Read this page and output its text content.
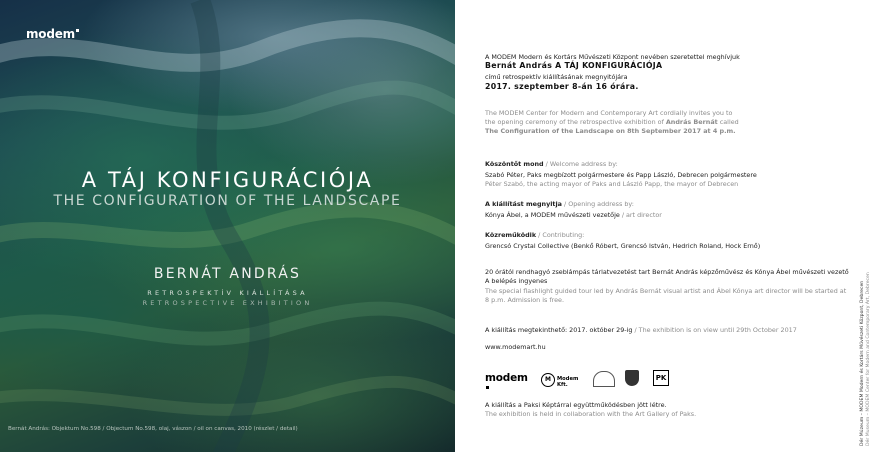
modem
A TÁJ KONFIGURÁCIÓJA
THE CONFIGURATION OF THE LANDSCAPE
BERNÁT ANDRÁS
RETROSPEKTÍV KIÁLLÍTÁSA
RETROSPECTIVE EXHIBITION
Bernát András: Objektum No.598 / Objectum No.598, olaj, vászon / oil on canvas, 2010 (részlet / detail)
A MODEM Modern és Kortárs Művészeti Központ nevében szeretettel meghívjuk
Bernát András A TÁJ KONFIGURÁCIÓJA
című retrospektív kiállításának megnyitójára
2017. szeptember 8-án 16 órára.
The MODEM Center for Modern and Contemporary Art cordially invites you to
the opening ceremony of the retrospective exhibition of András Bernát called
The Configuration of the Landscape on 8th September 2017 at 4 p.m.
Köszöntőt mond / Welcome address by:
Szabó Péter, Paks megbízott polgármestere és Papp László, Debrecen polgármestere
Péter Szabó, the acting mayor of Paks and László Papp, the mayor of Debrecen
A kiállítást megnyitja / Opening address by:
Kónya Ábel, a MODEM művészeti vezetője / art director
Közreműködik / Contributing:
Grencsó Crystal Collective (Benkő Róbert, Grencsó István, Hedrich Roland, Hock Ernő)
20 órától rendhagyó zseblámpás tárlatvezetést tart Bernát András képzőművész és Kónya Ábel művészeti vezető
A belépés ingyenes
The special flashlight guided tour led by András Bernát visual artist and Ábel Kónya art director will be started at
8 p.m. Admission is free.
A kiállítás megtekinthető: 2017. október 29-ig / The exhibition is on view until 29th October 2017
www.modemart.hu
modem	M	Modem Kft.
PK
A kiállítás a Paksi Képtárral együttműködésben jött létre.
The exhibition is held in collaboration with the Art Gallery of Paks.	Dér Múzeum – MODEM Modern és Kortárs Művészeti Központ, Debrecen Dér Museum – MODEM Center for Modern and Contemporary Art, Debrecen
